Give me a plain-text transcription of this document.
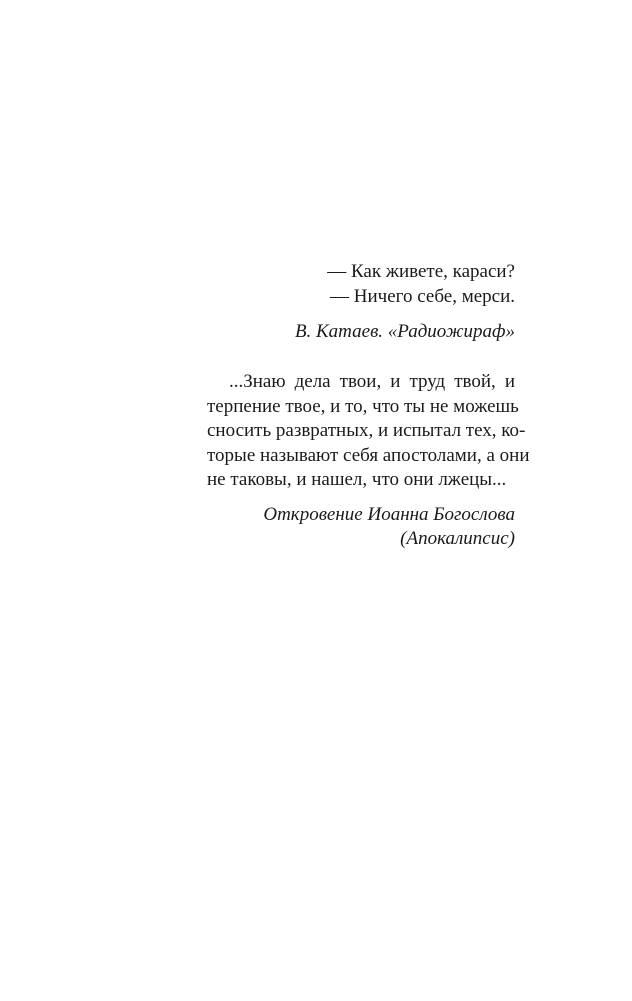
— Как живете, караси?
— Ничего себе, мерси.
В. Катаев. «Радиожираф»
...Знаю дела твои, и труд твой, и
терпение твое, и то, что ты не можешь
сносить развратных, и испытал тех, ко-
торые называют себя апостолами, а они
не таковы, и нашел, что они лжецы...
Откровение Иоанна Богослова
(Апокалипсис)
